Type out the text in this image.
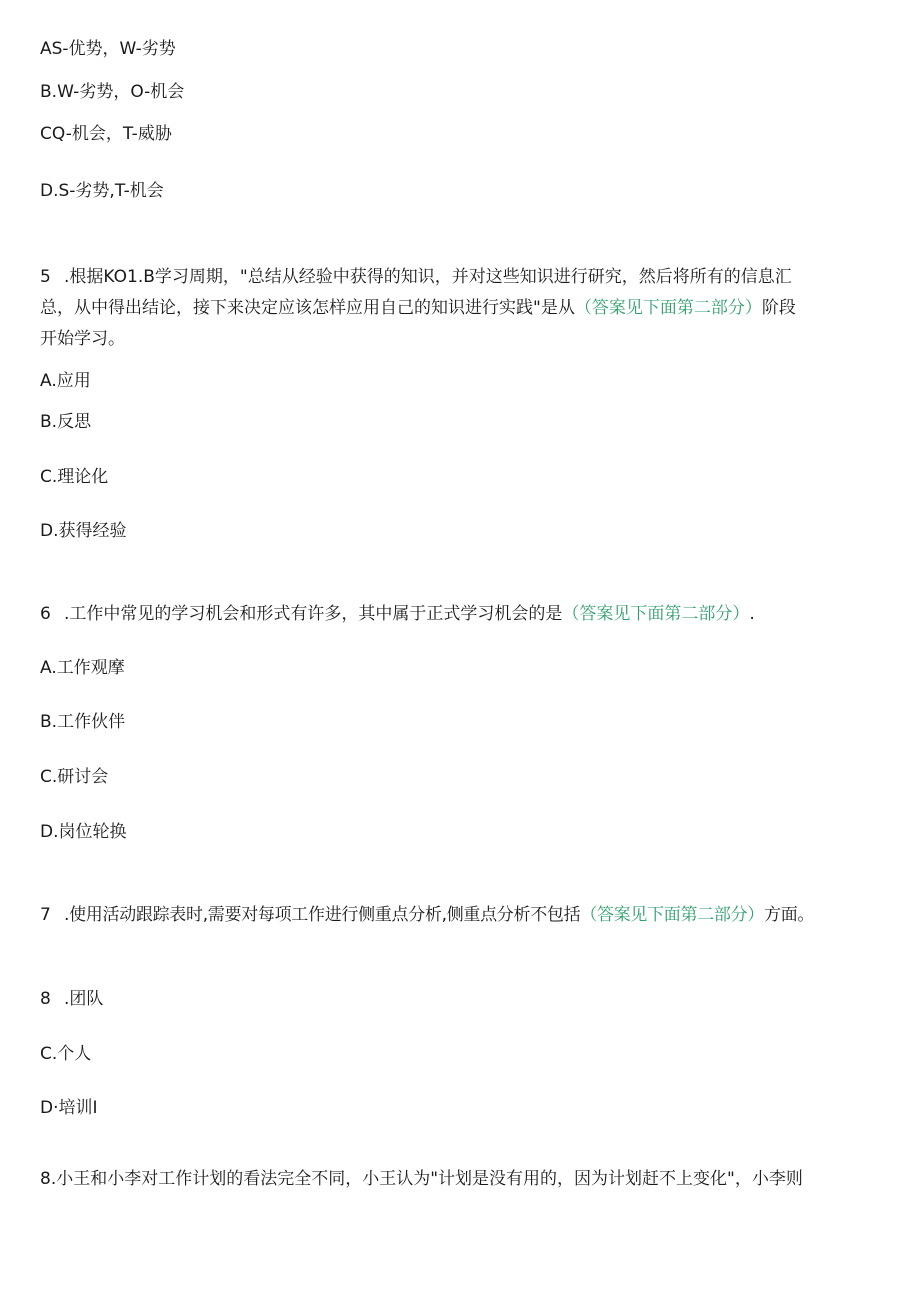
AS-优势，W-劣势
B.W-劣势，O-机会
CQ-机会，T-威胁
D.S-劣势,T-机会
5 .根据KO1.B学习周期，"总结从经验中获得的知识，并对这些知识进行研究，然后将所有的信息汇
总，从中得出结论，接下来决定应该怎样应用自己的知识进行实践"是从（答案见下面第二部分）阶段
开始学习。
A.应用
B.反思
C.理论化
D.获得经验
6 .工作中常见的学习机会和形式有许多，其中属于正式学习机会的是（答案见下面第二部分）.
A.工作观摩
B.工作伙伴
C.研讨会
D.岗位轮换
7 .使用活动跟踪表时,需要对每项工作进行侧重点分析,侧重点分析不包括（答案见下面第二部分）方面。
8 .团队
C.个人
D·培训I
8.小王和小李对工作计划的看法完全不同，小王认为"计划是没有用的，因为计划赶不上变化"，小李则
